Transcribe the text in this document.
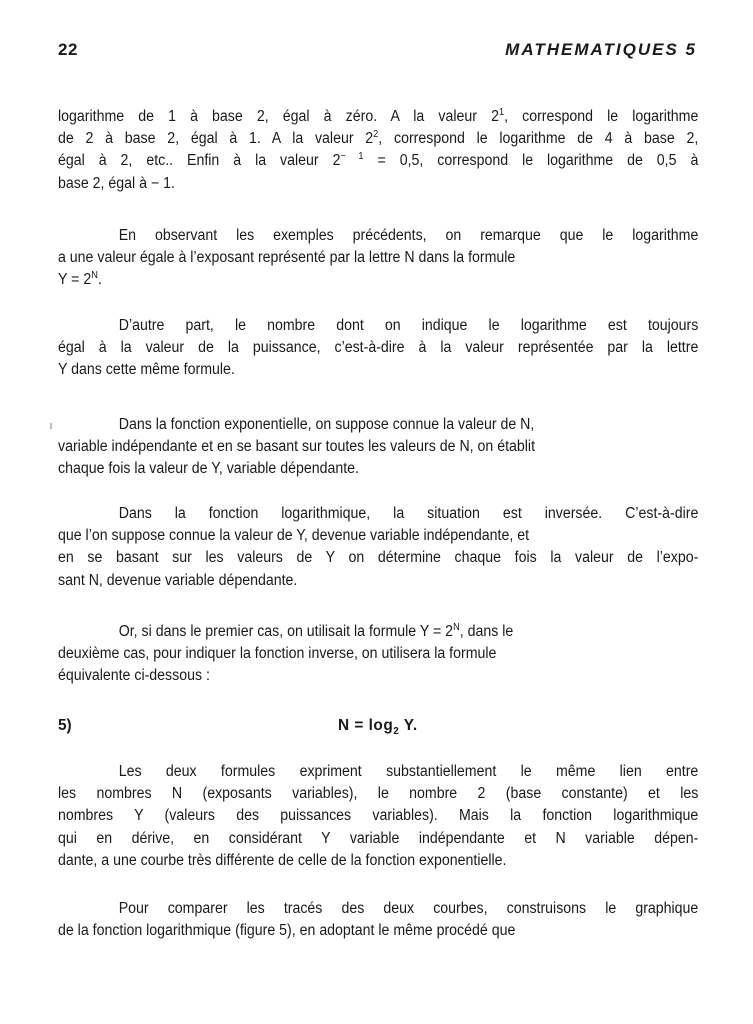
22	MATHEMATIQUES 5
logarithme de 1 à base 2, égal à zéro. A la valeur $2^1$, correspond le logarithme
de 2 à base 2, égal à 1. A la valeur $2^2$, correspond le logarithme de 4 à base 2,
égal à 2, etc.. Enfin à la valeur $2^{- 1} = 0,5$, correspond le logarithme de 0,5 à
base 2, égal à − 1.
En observant les exemples précédents, on remarque que le logarithme
a une valeur égale à l’exposant représenté par la lettre N dans la formule
$Y = 2^N$.
D’autre part, le nombre dont on indique le logarithme est toujours
égal à la valeur de la puissance, c’est-à-dire à la valeur représentée par la lettre
Y dans cette même formule.
Dans la fonction exponentielle, on suppose connue la valeur de N,
variable indépendante et en se basant sur toutes les valeurs de N, on établit
chaque fois la valeur de Y, variable dépendante.
Dans la fonction logarithmique, la situation est inversée. C’est-à-dire
que l’on suppose connue la valeur de Y, devenue variable indépendante, et
en se basant sur les valeurs de Y on détermine chaque fois la valeur de l’expo-
sant N, devenue variable dépendante.
Or, si dans le premier cas, on utilisait la formule $Y = 2^N$, dans le
deuxième cas, pour indiquer la fonction inverse, on utilisera la formule
équivalente ci-dessous :
5)	$N = \log_2 Y$.
Les deux formules expriment substantiellement le même lien entre
les nombres N (exposants variables), le nombre 2 (base constante) et les
nombres Y (valeurs des puissances variables). Mais la fonction logarithmique
qui en dérive, en considérant Y variable indépendante et N variable dépen-
dante, a une courbe très différente de celle de la fonction exponentielle.
Pour comparer les tracés des deux courbes, construisons le graphique
de la fonction logarithmique (figure 5), en adoptant le même procédé que
